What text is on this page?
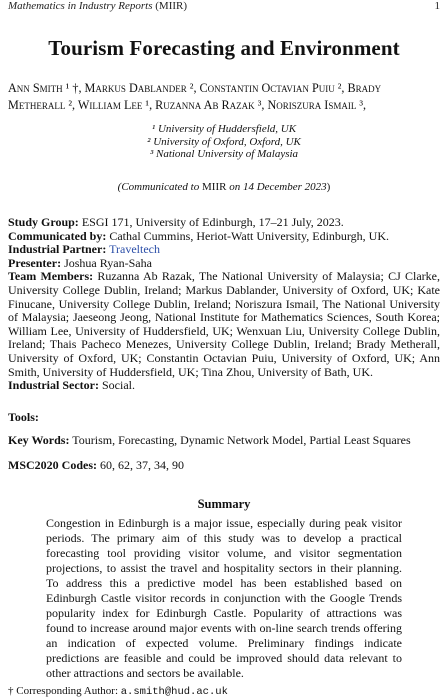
Mathematics in Industry Reports (MIIR)	1
Tourism Forecasting and Environment
Ann Smith ¹ †, Markus Dablander ², Constantin Octavian Puiu ², Brady
Metherall ², William Lee ¹, Ruzanna Ab Razak ³, Noriszura Ismail ³,
¹ University of Huddersfield, UK
² University of Oxford, Oxford, UK
³ National University of Malaysia
(Communicated to MIIR on 14 December 2023)

Study Group: ESGI 171, University of Edinburgh, 17–21 July, 2023.

Communicated by: Cathal Cummins, Heriot-Watt University, Edinburgh, UK.

Industrial Partner: Traveltech

Presenter: Joshua Ryan-Saha

Team Members: Ruzanna Ab Razak, The National University of Malaysia; CJ Clarke, University College Dublin, Ireland; Markus Dablander, University of Oxford, UK; Kate Finucane, University College Dublin, Ireland; Noriszura Ismail, The National University of Malaysia; Jaeseong Jeong, National Institute for Mathematics Sciences, South Korea; William Lee, University of Huddersfield, UK; Wenxuan Liu, University College Dublin, Ireland; Thais Pacheco Menezes, University College Dublin, Ireland; Brady Metherall, University of Oxford, UK; Constantin Octavian Puiu, University of Oxford, UK; Ann Smith, University of Huddersfield, UK; Tina Zhou, University of Bath, UK.

Industrial Sector: Social.

Tools:
Key Words: Tourism, Forecasting, Dynamic Network Model, Partial Least Squares
MSC2020 Codes: 60, 62, 37, 34, 90
Summary
Congestion in Edinburgh is a major issue, especially during peak visitor periods. The primary aim of this study was to develop a practical forecasting tool providing visitor volume, and visitor segmentation projections, to assist the travel and hospitality sectors in their planning. To address this a predictive model has been established based on Edinburgh Castle visitor records in conjunction with the Google Trends popularity index for Edinburgh Castle. Popularity of attractions was found to increase around major events with on-line search trends offering an indication of expected volume. Preliminary findings indicate predictions are feasible and could be improved should data relevant to other attractions and sectors be available.
† Corresponding Author: a.smith@hud.ac.uk
